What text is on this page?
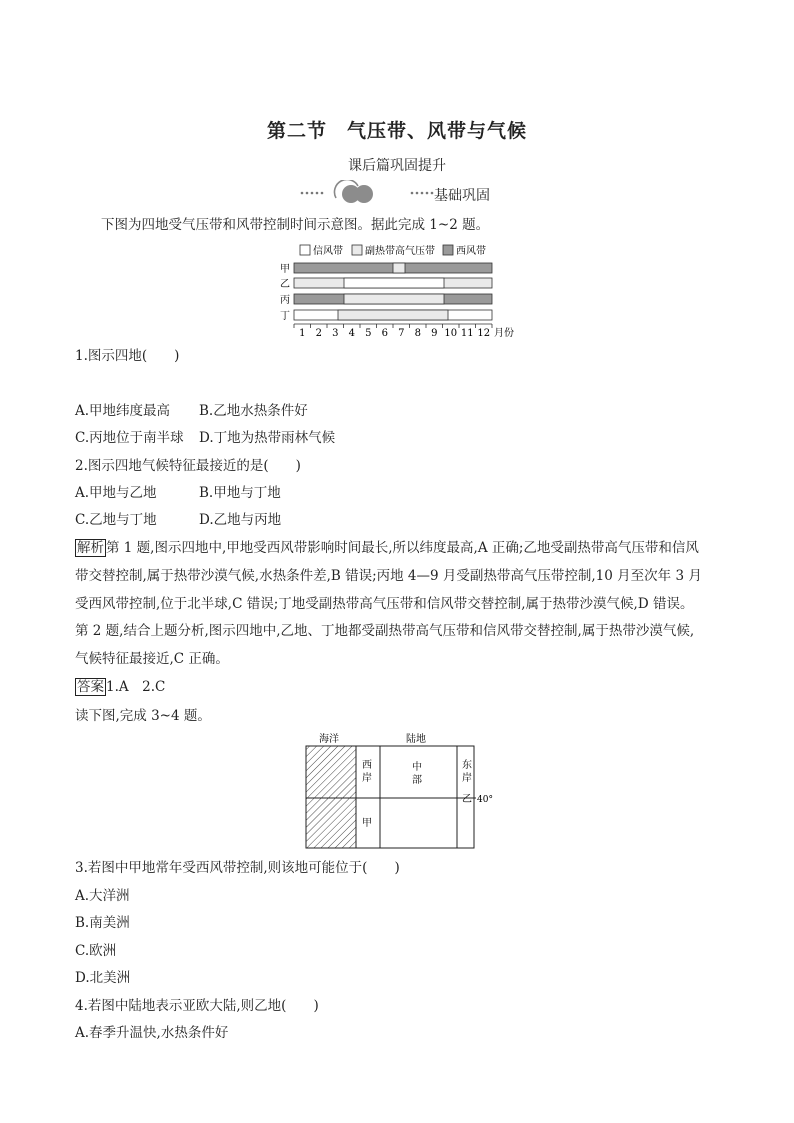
第二节　气压带、风带与气候
课后篇巩固提升
基础巩固
下图为四地受气压带和风带控制时间示意图。据此完成 1~2 题。
信风带 副热带高气压带 西风带
甲
乙
丙
丁
1 2 3 4 5 6 7 8 9 10 11 12 月份
1.图示四地(　　)
A.甲地纬度最高 B.乙地水热条件好
C.丙地位于南半球 D.丁地为热带雨林气候
2.图示四地气候特征最接近的是(　　)
A.甲地与乙地	B.甲地与丁地
C.乙地与丁地	D.乙地与丙地
解析 第 1 题,图示四地中,甲地受西风带影响时间最长,所以纬度最高,A 正确;乙地受副热带高气压带和信风
带交替控制,属于热带沙漠气候,水热条件差,B 错误;丙地 4—9 月受副热带高气压带控制,10 月至次年 3 月
受西风带控制,位于北半球,C 错误;丁地受副热带高气压带和信风带交替控制,属于热带沙漠气候,D 错误。
第 2 题,结合上题分析,图示四地中,乙地、丁地都受副热带高气压带和信风带交替控制,属于热带沙漠气候,
气候特征最接近,C 正确。
答案 1.A　2.C
读下图,完成 3~4 题。
海洋	陆地
西
岸
中
部
东
岸
甲
乙 40°
3.若图中甲地常年受西风带控制,则该地可能位于(　　)
A.大洋洲
B.南美洲
C.欧洲
D.北美洲
4.若图中陆地表示亚欧大陆,则乙地(　　)
A.春季升温快,水热条件好
